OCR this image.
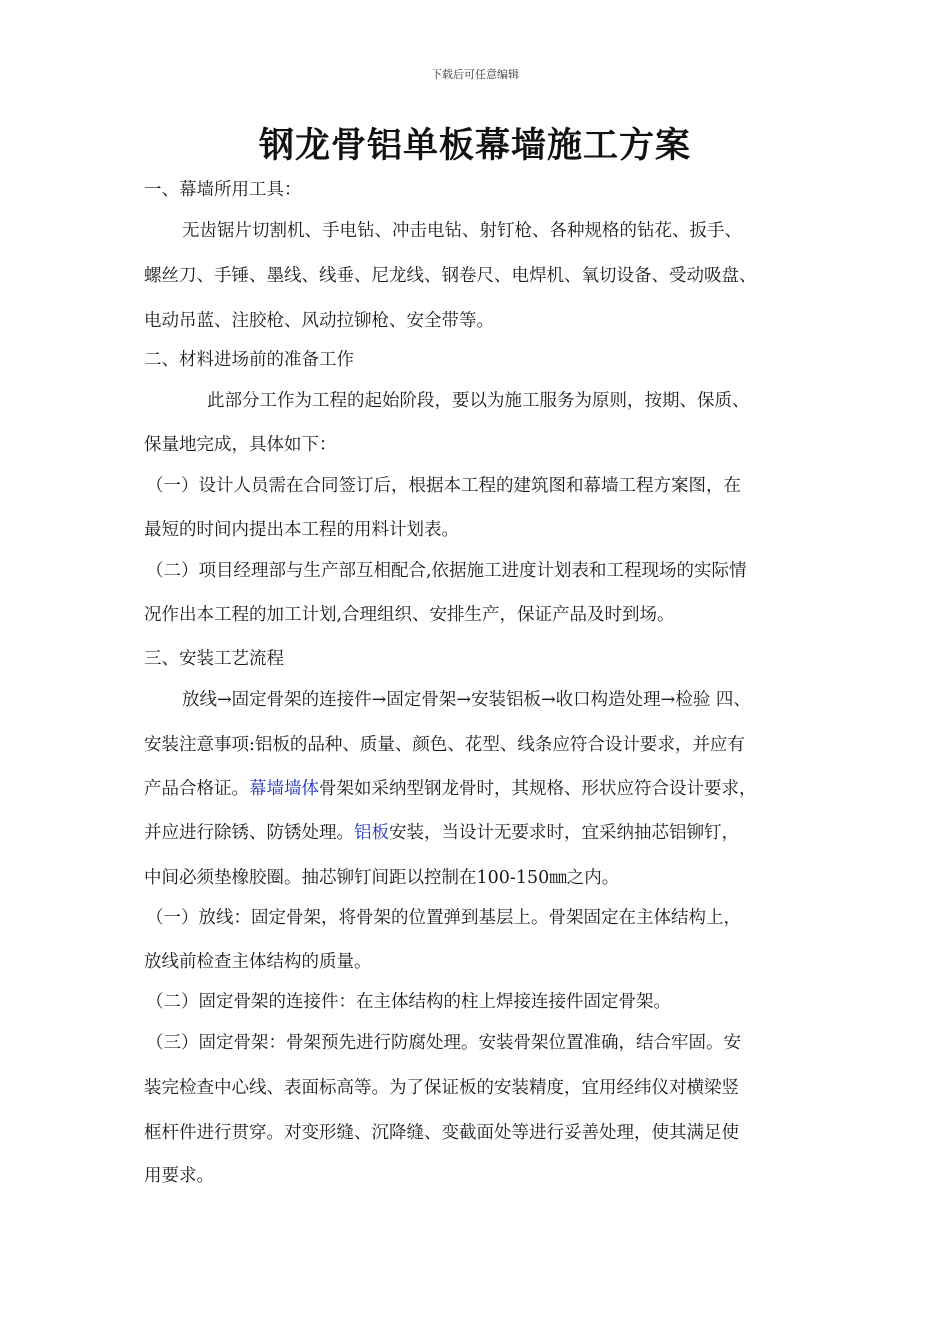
下载后可任意编辑
钢龙骨铝单板幕墙施工方案
一、幕墙所用工具：
无齿锯片切割机、手电钻、冲击电钻、射钉枪、各种规格的钻花、扳手、
螺丝刀、手锤、墨线、线垂、尼龙线、钢卷尺、电焊机、氧切设备、受动吸盘、
电动吊蓝、注胶枪、风动拉铆枪、安全带等。
二、材料进场前的准备工作
此部分工作为工程的起始阶段，要以为施工服务为原则，按期、保质、
保量地完成，具体如下：
（一）设计人员需在合同签订后，根据本工程的建筑图和幕墙工程方案图，在
最短的时间内提出本工程的用料计划表。
（二）项目经理部与生产部互相配合,依据施工进度计划表和工程现场的实际情
况作出本工程的加工计划,合理组织、安排生产，保证产品及时到场。
三、安装工艺流程
放线→固定骨架的连接件→固定骨架→安装铝板→收口构造处理→检验 四、
安装注意事项:铝板的品种、质量、颜色、花型、线条应符合设计要求，并应有
产品合格证。幕墙墙体骨架如采纳型钢龙骨时，其规格、形状应符合设计要求，
并应进行除锈、防锈处理。铝板安装，当设计无要求时，宜采纳抽芯铝铆钉，
中间必须垫橡胶圈。抽芯铆钉间距以控制在100-150㎜之内。
（一）放线：固定骨架，将骨架的位置弹到基层上。骨架固定在主体结构上，
放线前检查主体结构的质量。
（二）固定骨架的连接件：在主体结构的柱上焊接连接件固定骨架。
（三）固定骨架：骨架预先进行防腐处理。安装骨架位置准确，结合牢固。安
装完检查中心线、表面标高等。为了保证板的安装精度，宜用经纬仪对横梁竖
框杆件进行贯穿。对变形缝、沉降缝、变截面处等进行妥善处理，使其满足使
用要求。
